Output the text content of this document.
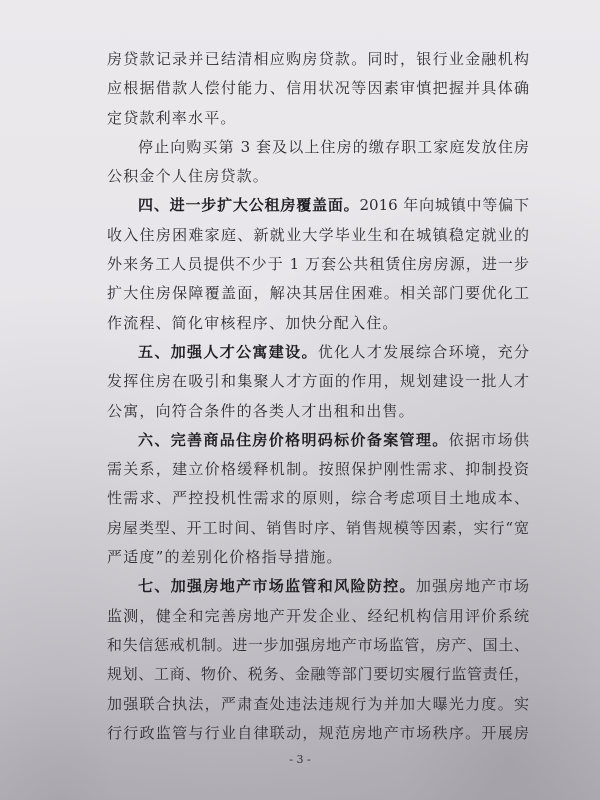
房贷款记录并已结清相应购房贷款。同时，银行业金融机构
应根据借款人偿付能力、信用状况等因素审慎把握并具体确
定贷款利率水平。
停止向购买第 3 套及以上住房的缴存职工家庭发放住房
公积金个人住房贷款。
四、进一步扩大公租房覆盖面。2016 年向城镇中等偏下
收入住房困难家庭、新就业大学毕业生和在城镇稳定就业的
外来务工人员提供不少于 1 万套公共租赁住房房源，进一步
扩大住房保障覆盖面，解决其居住困难。相关部门要优化工
作流程、简化审核程序、加快分配入住。
五、加强人才公寓建设。优化人才发展综合环境，充分
发挥住房在吸引和集聚人才方面的作用，规划建设一批人才
公寓，向符合条件的各类人才出租和出售。
六、完善商品住房价格明码标价备案管理。依据市场供
需关系，建立价格缓释机制。按照保护刚性需求、抑制投资
性需求、严控投机性需求的原则，综合考虑项目土地成本、
房屋类型、开工时间、销售时序、销售规模等因素，实行“宽
严适度”的差别化价格指导措施。
七、加强房地产市场监管和风险防控。加强房地产市场
监测，健全和完善房地产开发企业、经纪机构信用评价系统
和失信惩戒机制。进一步加强房地产市场监管，房产、国土、
规划、工商、物价、税务、金融等部门要切实履行监管责任，
加强联合执法，严肃查处违法违规行为并加大曝光力度。实
行行政监管与行业自律联动，规范房地产市场秩序。开展房
- 3 -
